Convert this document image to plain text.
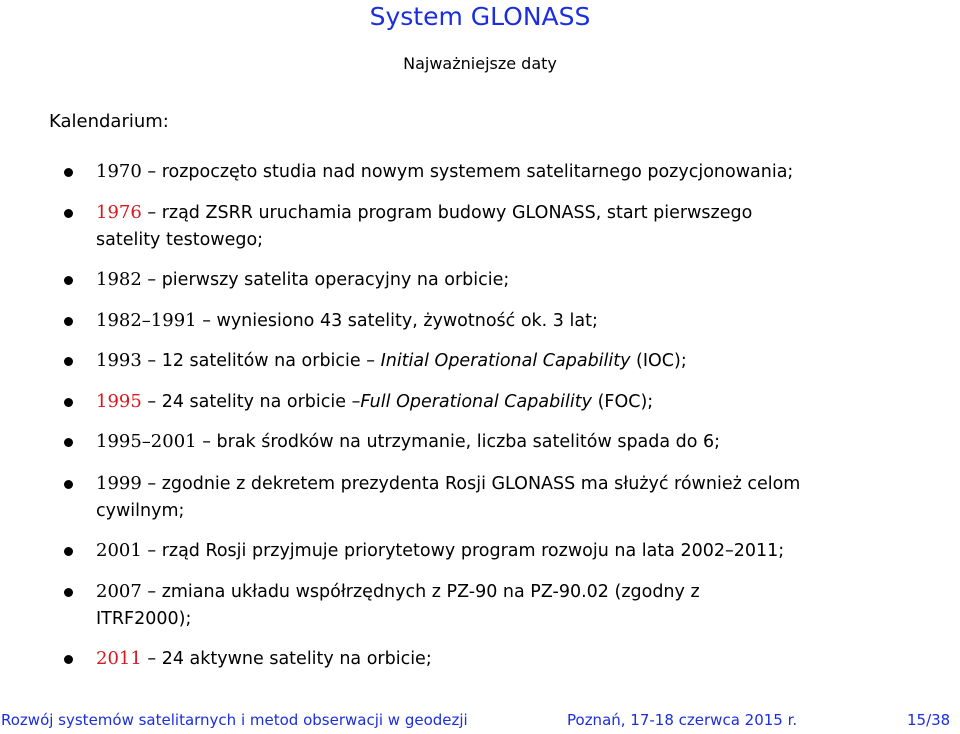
System GLONASS
Najważniejsze daty
Kalendarium:
1970 – rozpoczęto studia nad nowym systemem satelitarnego pozycjonowania;
1976 – rząd ZSRR uruchamia program budowy GLONASS, start pierwszego
satelity testowego;
1982 – pierwszy satelita operacyjny na orbicie;
1982–1991 – wyniesiono 43 satelity, żywotność ok. 3 lat;
1993 – 12 satelitów na orbicie – Initial Operational Capability (IOC);
1995 – 24 satelity na orbicie –Full Operational Capability (FOC);
1995–2001 – brak środków na utrzymanie, liczba satelitów spada do 6;
1999 – zgodnie z dekretem prezydenta Rosji GLONASS ma służyć również celom
cywilnym;
2001 – rząd Rosji przyjmuje priorytetowy program rozwoju na lata 2002–2011;
2007 – zmiana układu współrzędnych z PZ-90 na PZ-90.02 (zgodny z
ITRF2000);
2011 – 24 aktywne satelity na orbicie;
Rozwój systemów satelitarnych i metod obserwacji w geodezji	Poznań, 17-18 czerwca 2015 r.	15/38
